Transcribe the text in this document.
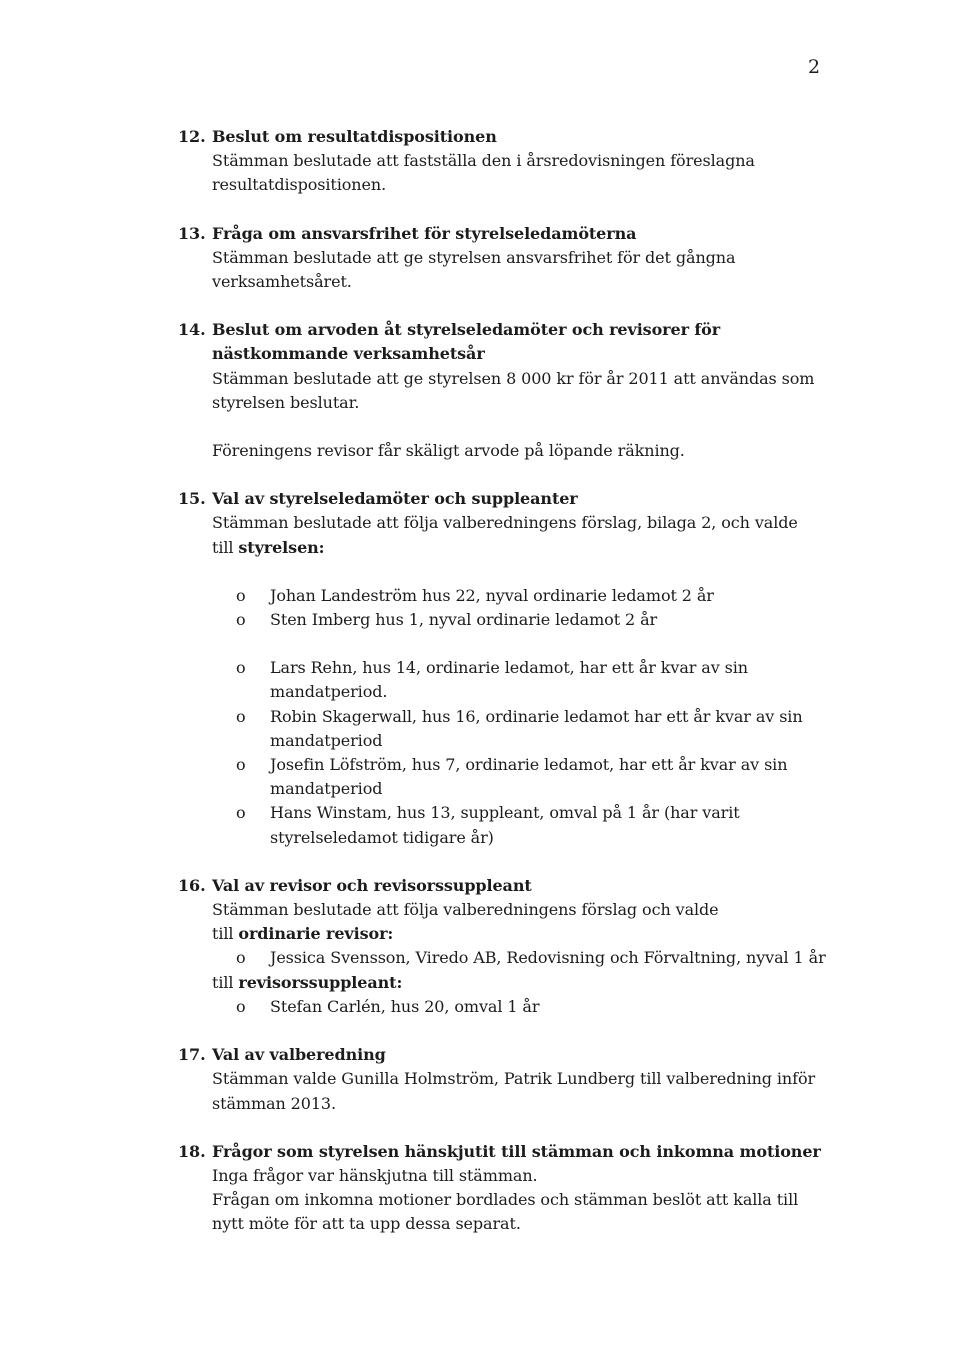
2
12. Beslut om resultatdispositionen
Stämman beslutade att fastställa den i årsredovisningen föreslagna resultatdispositionen.
13. Fråga om ansvarsfrihet för styrelseledamöterna
Stämman beslutade att ge styrelsen ansvarsfrihet för det gångna verksamhetsåret.
14. Beslut om arvoden åt styrelseledamöter och revisorer för nästkommande verksamhetsår
Stämman beslutade att ge styrelsen 8 000 kr för år 2011 att användas som styrelsen beslutar.
Föreningens revisor får skäligt arvode på löpande räkning.
15. Val av styrelseledamöter och suppleanter
Stämman beslutade att följa valberedningens förslag, bilaga 2, och valde
till styrelsen:
o Johan Landeström hus 22, nyval ordinarie ledamot 2 år
o Sten Imberg hus 1, nyval ordinarie ledamot 2 år
o Lars Rehn, hus 14, ordinarie ledamot, har ett år kvar av sin mandatperiod.
o Robin Skagerwall, hus 16, ordinarie ledamot har ett år kvar av sin mandatperiod
o Josefin Löfström, hus 7, ordinarie ledamot, har ett år kvar av sin mandatperiod
o Hans Winstam, hus 13, suppleant, omval på 1 år (har varit styrelseledamot tidigare år)
16. Val av revisor och revisorssuppleant
Stämman beslutade att följa valberedningens förslag och valde
till ordinarie revisor:
o Jessica Svensson, Viredo AB, Redovisning och Förvaltning, nyval 1 år
till revisorssuppleant:
o Stefan Carlén, hus 20, omval 1 år
17. Val av valberedning
Stämman valde Gunilla Holmström, Patrik Lundberg till valberedning inför stämman 2013.
18. Frågor som styrelsen hänskjutit till stämman och inkomna motioner
Inga frågor var hänskjutna till stämman.
Frågan om inkomna motioner bordlades och stämman beslöt att kalla till nytt möte för att ta upp dessa separat.
